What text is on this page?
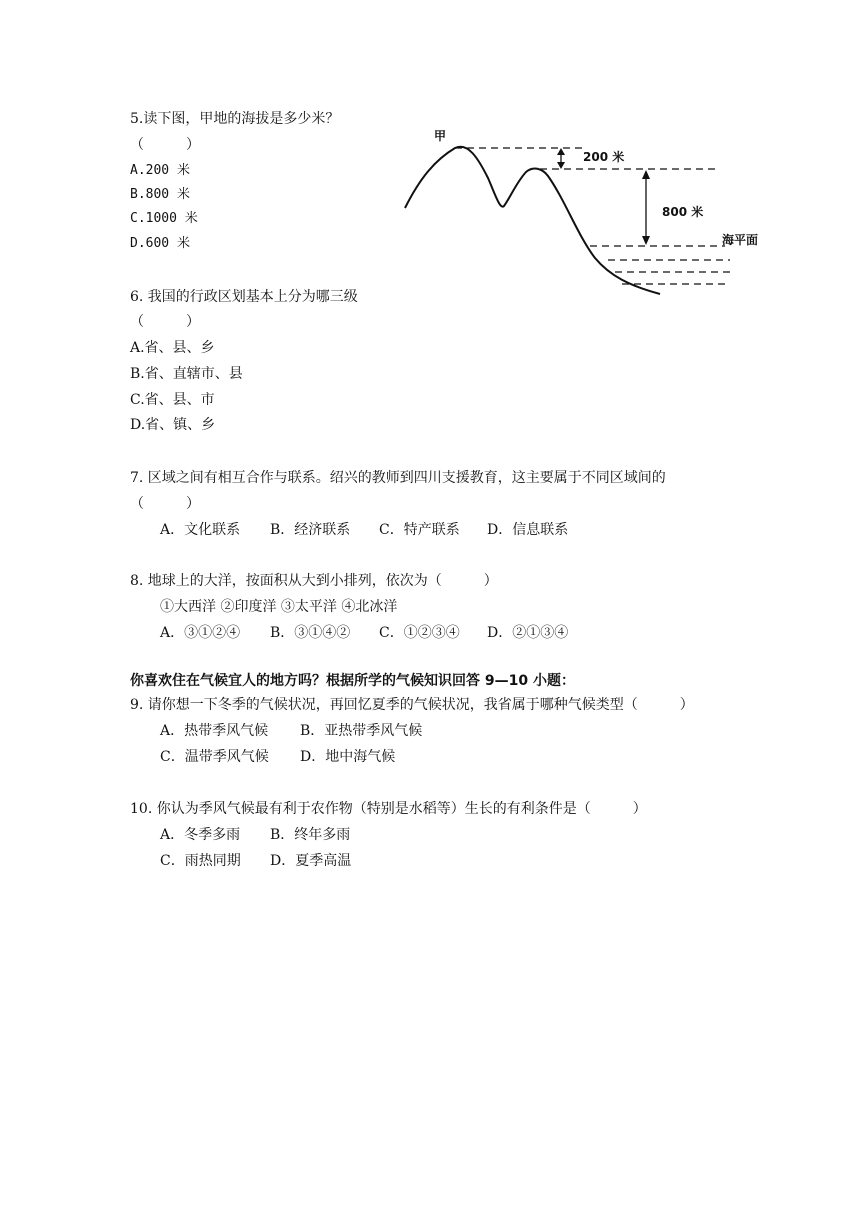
5.读下图，甲地的海拔是多少米？
（　　　）
A.200 米
B.800 米
C.1000 米
D.600 米
甲
200 米
800 米
海平面
6. 我国的行政区划基本上分为哪三级
（　　　）
A.省、县、乡
B.省、直辖市、县
C.省、县、市
D.省、镇、乡
7. 区域之间有相互合作与联系。绍兴的教师到四川支援教育，这主要属于不同区域间的
（　　　）
A．文化联系 B．经济联系 C．特产联系 D．信息联系
8. 地球上的大洋，按面积从大到小排列，依次为（　　　）
①大西洋 ②印度洋 ③太平洋 ④北冰洋
A．③①②④ B．③①④② C．①②③④ D．②①③④
你喜欢住在气候宜人的地方吗？根据所学的气候知识回答 9—10 小题：
9. 请你想一下冬季的气候状况，再回忆夏季的气候状况，我省属于哪种气候类型（　　　）
A．热带季风气候 B．亚热带季风气候
C．温带季风气候 D．地中海气候
10. 你认为季风气候最有利于农作物（特别是水稻等）生长的有利条件是（　　　）
A．冬季多雨 B．终年多雨
C．雨热同期 D．夏季高温
